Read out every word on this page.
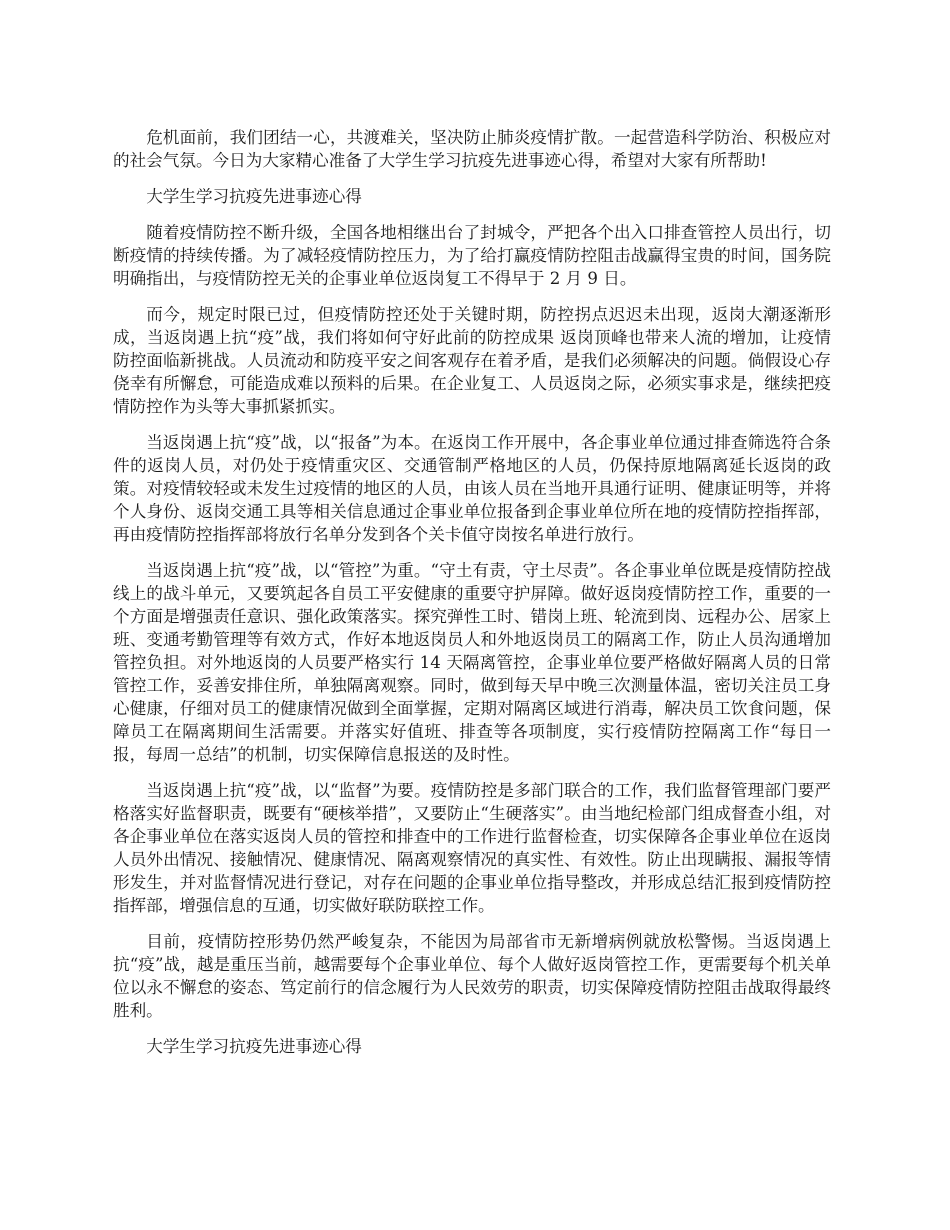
危机面前，我们团结一心，共渡难关，坚决防止肺炎疫情扩散。一起营造科学防治、积极应对的社会气氛。今日为大家精心准备了大学生学习抗疫先进事迹心得，希望对大家有所帮助!

大学生学习抗疫先进事迹心得

随着疫情防控不断升级，全国各地相继出台了封城令，严把各个出入口排查管控人员出行，切断疫情的持续传播。为了减轻疫情防控压力，为了给打赢疫情防控阻击战赢得宝贵的时间，国务院明确指出，与疫情防控无关的企事业单位返岗复工不得早于 2 月 9 日。

而今，规定时限已过，但疫情防控还处于关键时期，防控拐点迟迟未出现，返岗大潮逐渐形成，当返岗遇上抗“疫”战，我们将如何守好此前的防控成果 返岗顶峰也带来人流的增加，让疫情防控面临新挑战。人员流动和防疫平安之间客观存在着矛盾，是我们必须解决的问题。倘假设心存侥幸有所懈怠，可能造成难以预料的后果。在企业复工、人员返岗之际，必须实事求是，继续把疫情防控作为头等大事抓紧抓实。

当返岗遇上抗“疫”战，以“报备”为本。在返岗工作开展中，各企事业单位通过排查筛选符合条件的返岗人员，对仍处于疫情重灾区、交通管制严格地区的人员，仍保持原地隔离延长返岗的政策。对疫情较轻或未发生过疫情的地区的人员，由该人员在当地开具通行证明、健康证明等，并将个人身份、返岗交通工具等相关信息通过企事业单位报备到企事业单位所在地的疫情防控指挥部，再由疫情防控指挥部将放行名单分发到各个关卡值守岗按名单进行放行。

当返岗遇上抗“疫”战，以“管控”为重。“守土有责，守土尽责”。各企事业单位既是疫情防控战线上的战斗单元，又要筑起各自员工平安健康的重要守护屏障。做好返岗疫情防控工作，重要的一个方面是增强责任意识、强化政策落实。探究弹性工时、错岗上班、轮流到岗、远程办公、居家上班、变通考勤管理等有效方式，作好本地返岗员人和外地返岗员工的隔离工作，防止人员沟通增加管控负担。对外地返岗的人员要严格实行 14 天隔离管控，企事业单位要严格做好隔离人员的日常管控工作，妥善安排住所，单独隔离观察。同时，做到每天早中晚三次测量体温，密切关注员工身心健康，仔细对员工的健康情况做到全面掌握，定期对隔离区域进行消毒，解决员工饮食问题，保障员工在隔离期间生活需要。并落实好值班、排查等各项制度，实行疫情防控隔离工作“每日一报，每周一总结”的机制，切实保障信息报送的及时性。

当返岗遇上抗“疫”战，以“监督”为要。疫情防控是多部门联合的工作，我们监督管理部门要严格落实好监督职责，既要有“硬核举措”，又要防止“生硬落实”。由当地纪检部门组成督查小组，对各企事业单位在落实返岗人员的管控和排查中的工作进行监督检查，切实保障各企事业单位在返岗人员外出情况、接触情况、健康情况、隔离观察情况的真实性、有效性。防止出现瞒报、漏报等情形发生，并对监督情况进行登记，对存在问题的企事业单位指导整改，并形成总结汇报到疫情防控指挥部，增强信息的互通，切实做好联防联控工作。

目前，疫情防控形势仍然严峻复杂，不能因为局部省市无新增病例就放松警惕。当返岗遇上抗“疫”战，越是重压当前，越需要每个企事业单位、每个人做好返岗管控工作，更需要每个机关单位以永不懈怠的姿态、笃定前行的信念履行为人民效劳的职责，切实保障疫情防控阻击战取得最终胜利。

大学生学习抗疫先进事迹心得
